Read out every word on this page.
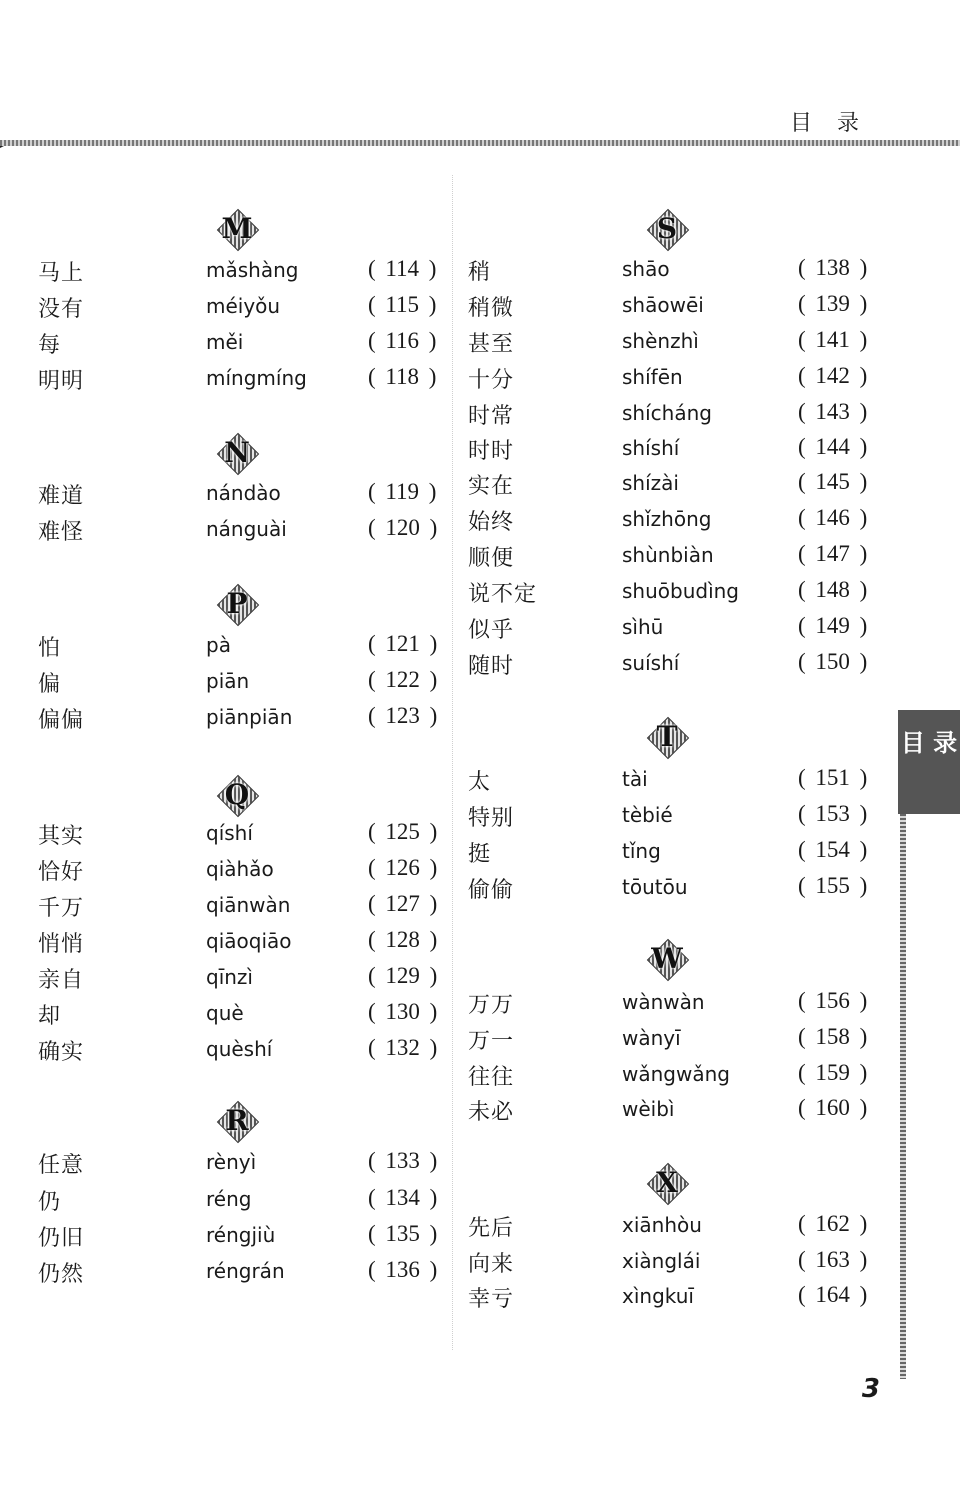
目 录
M
马上	mǎshàng	( 114 )
没有	méiyǒu	( 115 )
每	měi	( 116 )
明明	míngmíng	( 118 )
N
难道	nándào	( 119 )
难怪	nánguài	( 120 )
P
怕	pà	( 121 )
偏	piān	( 122 )
偏偏	piānpiān	( 123 )
Q
其实	qíshí	( 125 )
恰好	qiàhǎo	( 126 )
千万	qiānwàn	( 127 )
悄悄	qiāoqiāo	( 128 )
亲自	qīnzì	( 129 )
却	què	( 130 )
确实	quèshí	( 132 )
R
任意	rènyì	( 133 )
仍	réng	( 134 )
仍旧	réngjiù	( 135 )
仍然	réngrán	( 136 )
S
稍	shāo	( 138 )
稍微	shāowēi	( 139 )
甚至	shènzhì	( 141 )
十分	shífēn	( 142 )
时常	shícháng	( 143 )
时时	shíshí	( 144 )
实在	shízài	( 145 )
始终	shǐzhōng	( 146 )
顺便	shùnbiàn	( 147 )
说不定	shuōbudìng	( 148 )
似乎	sìhū	( 149 )
随时	suíshí	( 150 )
T
太	tài	( 151 )
特别	tèbié	( 153 )
挺	tǐng	( 154 )
偷偷	tōutōu	( 155 )
W
万万	wànwàn	( 156 )
万一	wànyī	( 158 )
往往	wǎngwǎng	( 159 )
未必	wèibì	( 160 )
X
先后	xiānhòu	( 162 )
向来	xiànglái	( 163 )
幸亏	xìngkuī	( 164 )
目 录
3
